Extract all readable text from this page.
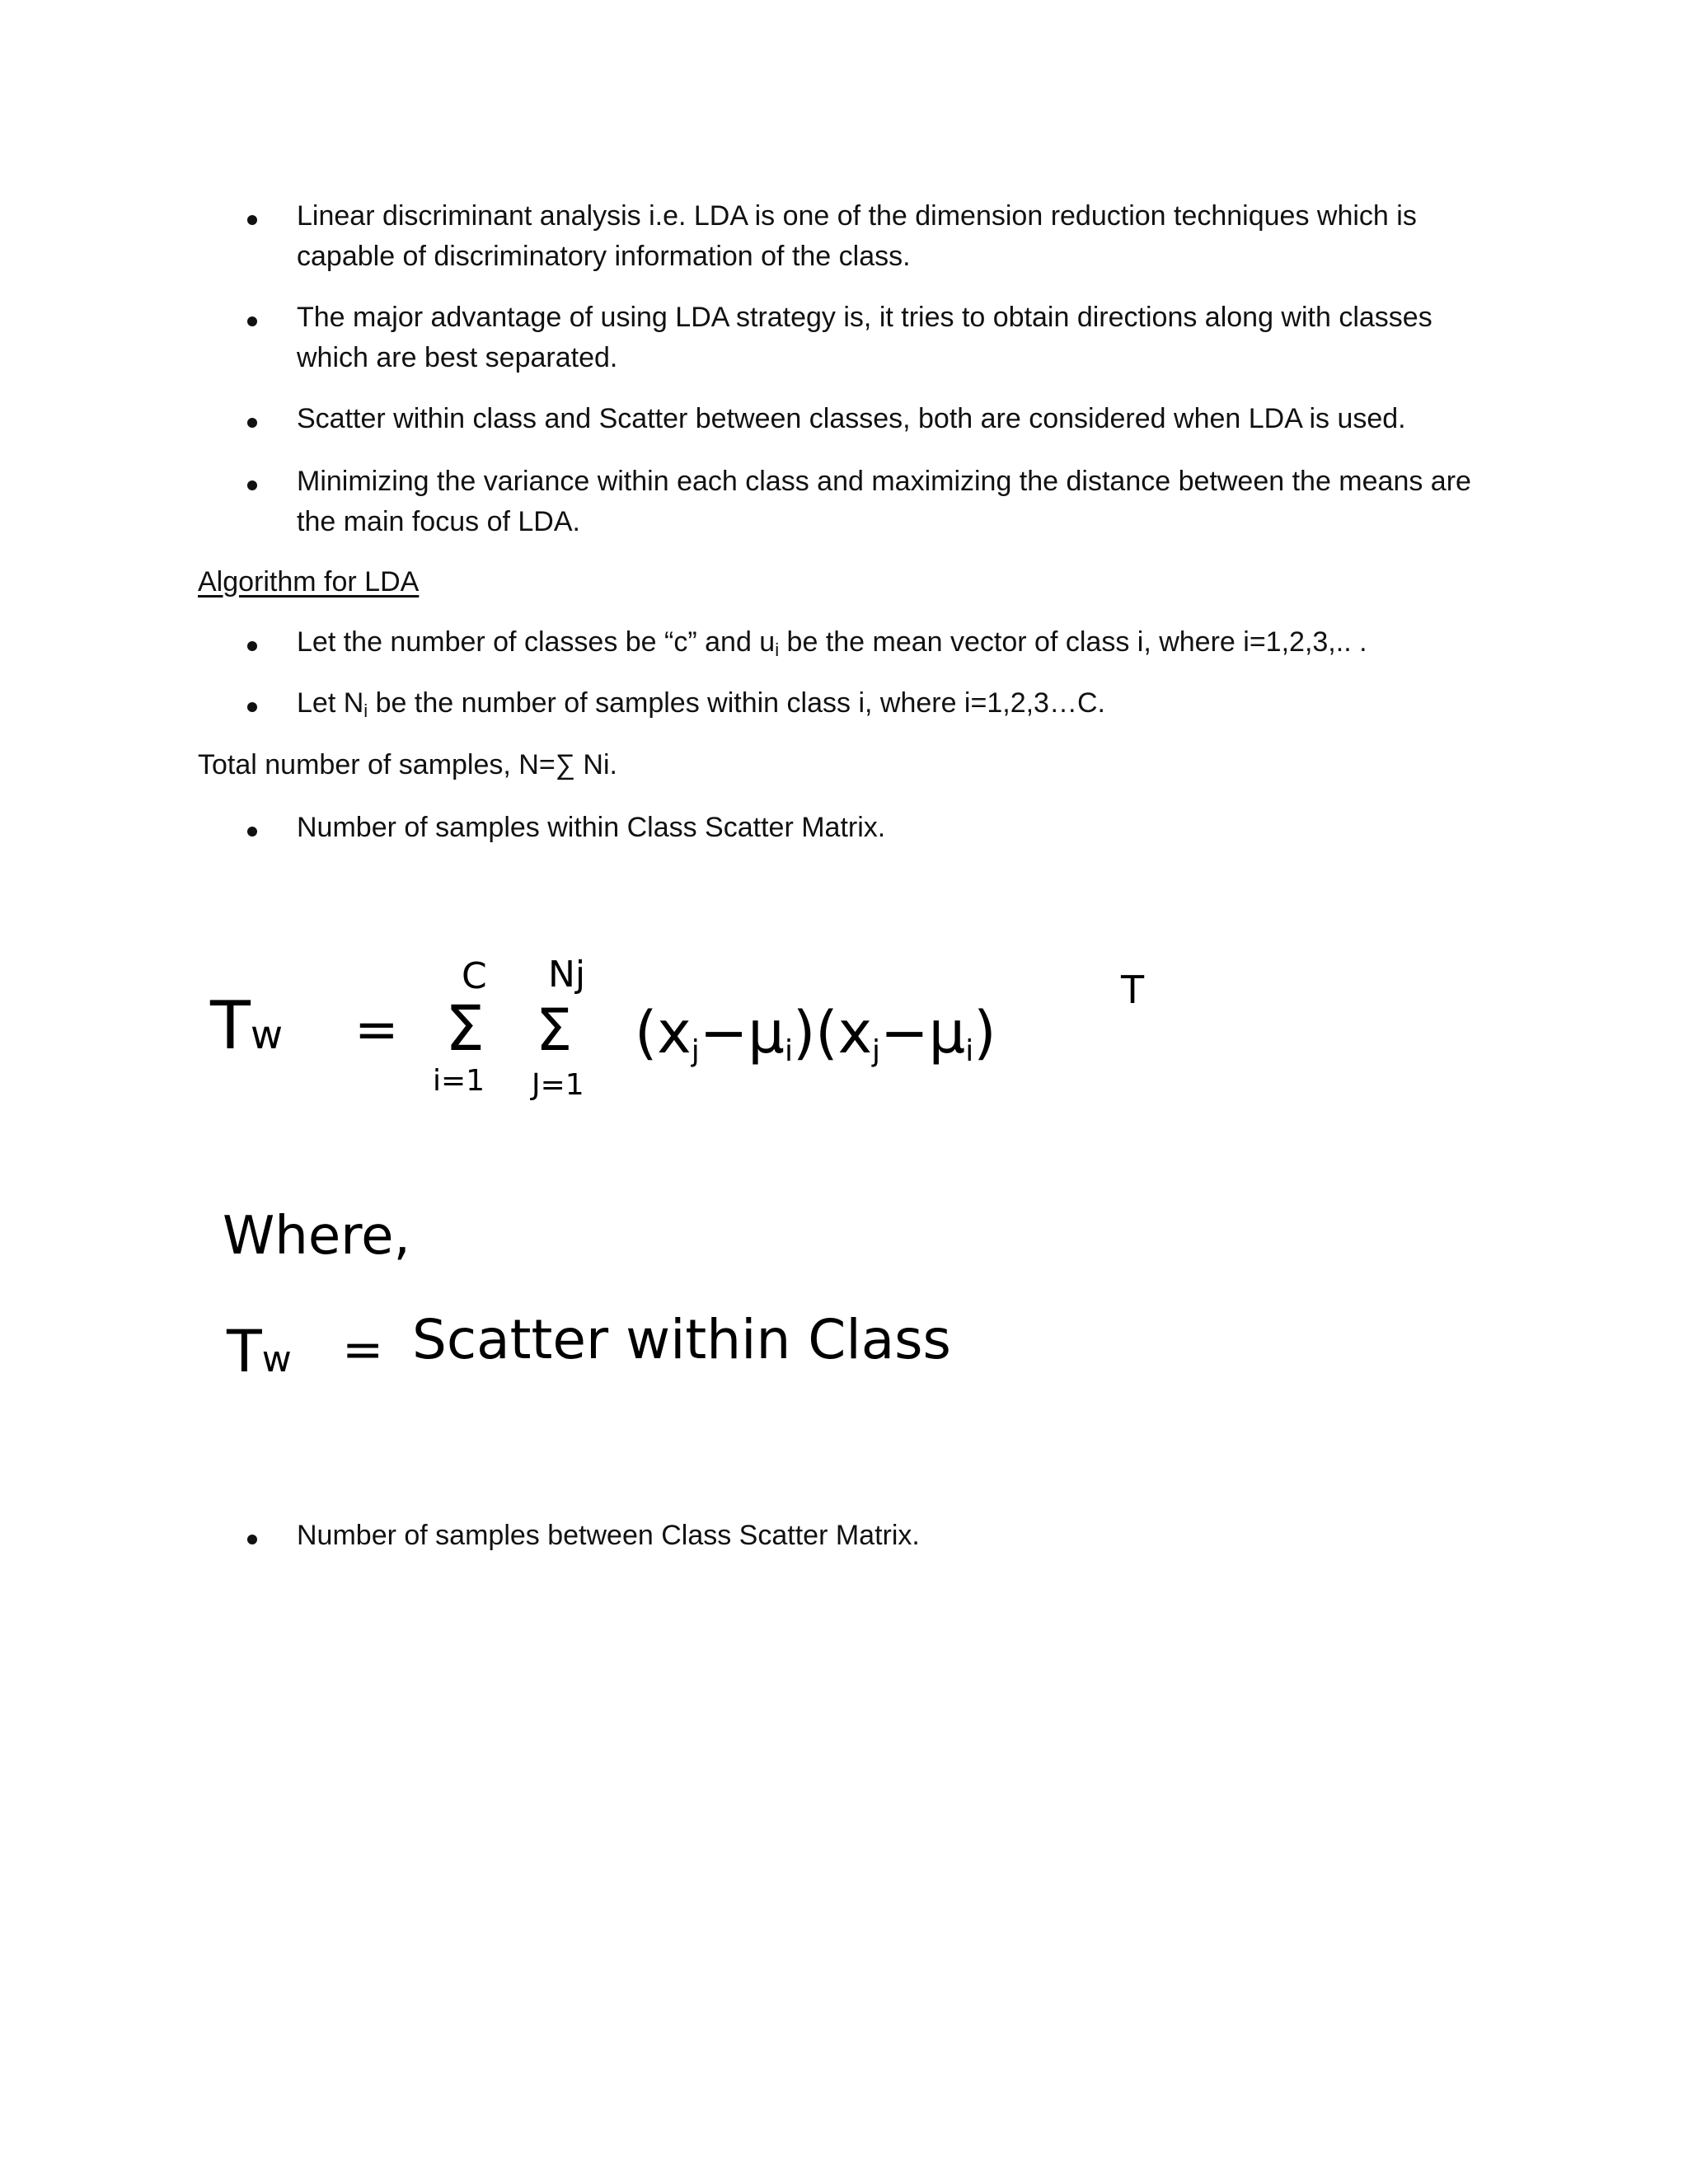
Linear discriminant analysis i.e. LDA is one of the dimension reduction techniques which is capable of discriminatory information of the class.
The major advantage of using LDA strategy is, it tries to obtain directions along with classes which are best separated.
Scatter within class and Scatter between classes, both are considered when LDA is used.
Minimizing the variance within each class and maximizing the distance between the means are the main focus of LDA.
Algorithm for LDA
Let the number of classes be “c” and $u_i$ be the mean vector of class i, where i=1,2,3,.. .
Let $N_i$ be the number of samples within class i, where i=1,2,3…C.
Total number of samples, N=∑ Ni.
Number of samples within Class Scatter Matrix.
Tw =
C
Σ
i=1
Nj
Σ
J=1
$(x_j-\mu_i)(x_j-\mu_i)$
T
Where,
Tw = Scatter within Class
Number of samples between Class Scatter Matrix.
